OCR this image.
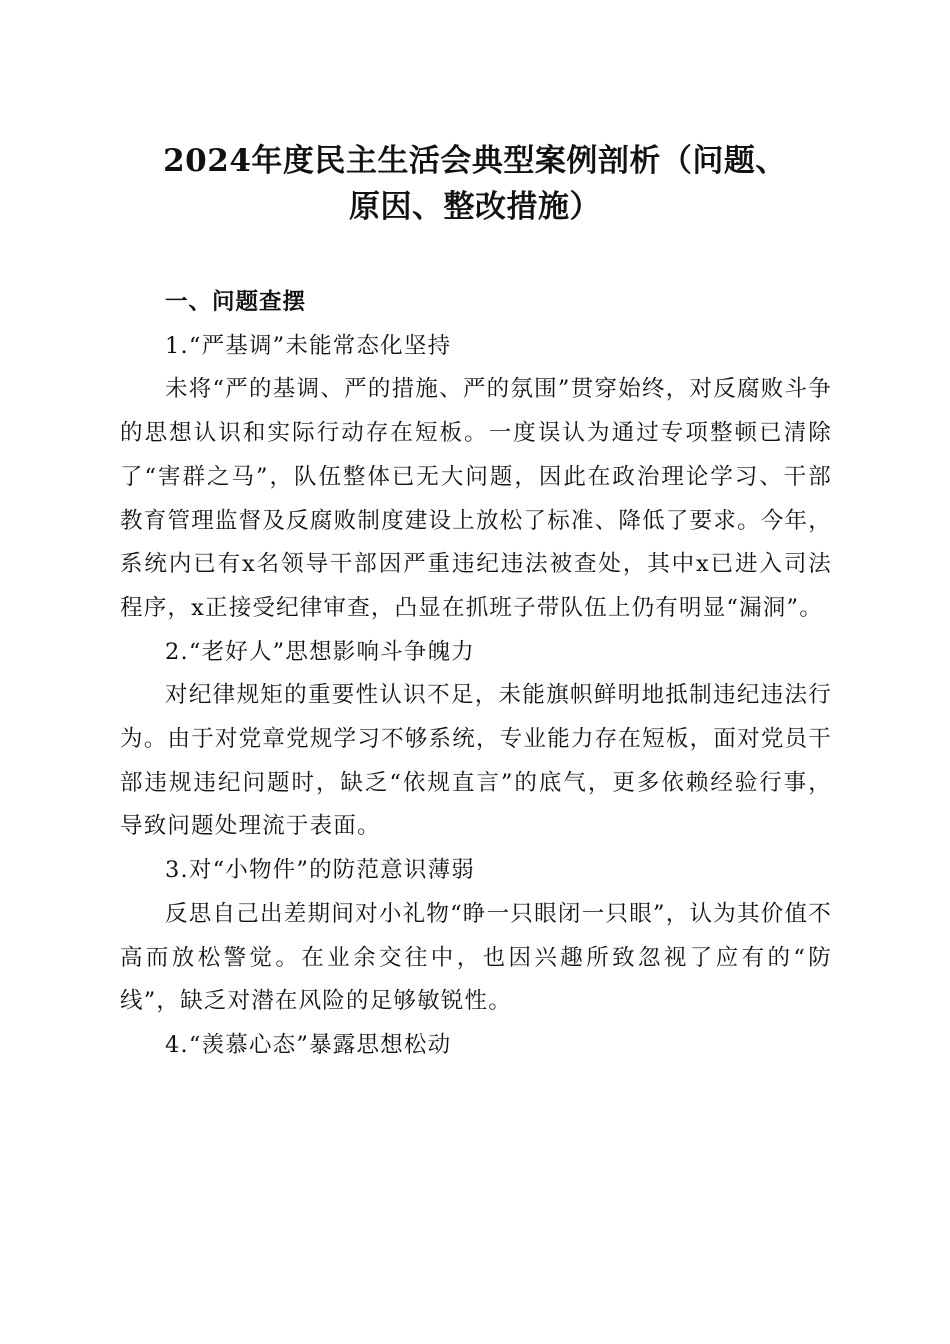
2024年度民主生活会典型案例剖析（问题、
原因、整改措施）

一、问题查摆

1.“严基调”未能常态化坚持

未将“严的基调、严的措施、严的氛围”贯穿始终，对反腐败斗争的思想认识和实际行动存在短板。一度误认为通过专项整顿已清除了“害群之马”，队伍整体已无大问题，因此在政治理论学习、干部教育管理监督及反腐败制度建设上放松了标准、降低了要求。今年，系统内已有x名领导干部因严重违纪违法被查处，其中x已进入司法程序，x正接受纪律审查，凸显在抓班子带队伍上仍有明显“漏洞”。

2.“老好人”思想影响斗争魄力

对纪律规矩的重要性认识不足，未能旗帜鲜明地抵制违纪违法行为。由于对党章党规学习不够系统，专业能力存在短板，面对党员干部违规违纪问题时，缺乏“依规直言”的底气，更多依赖经验行事，导致问题处理流于表面。

3.对“小物件”的防范意识薄弱

反思自己出差期间对小礼物“睁一只眼闭一只眼”，认为其价值不高而放松警觉。在业余交往中，也因兴趣所致忽视了应有的“防线”，缺乏对潜在风险的足够敏锐性。

4.“羡慕心态”暴露思想松动
